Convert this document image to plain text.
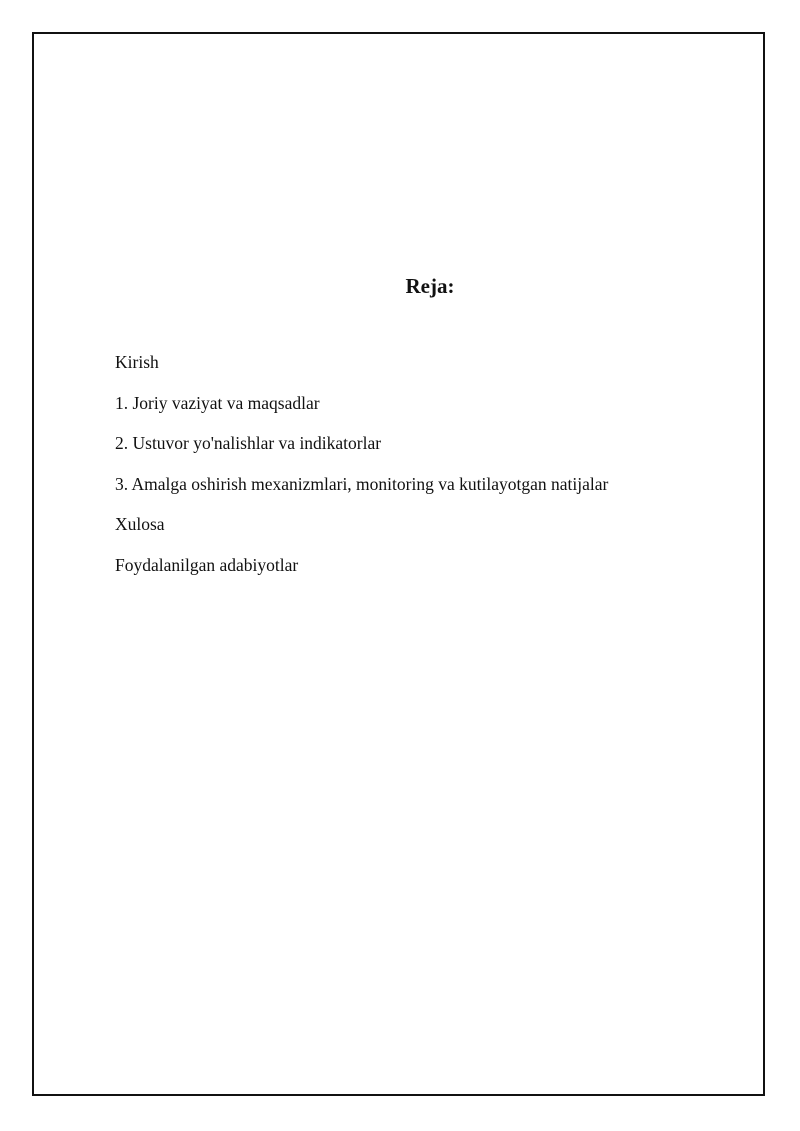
Reja:
Kirish
1. Joriy vaziyat va maqsadlar
2. Ustuvor yo'nalishlar va indikatorlar
3. Amalga oshirish mexanizmlari, monitoring va kutilayotgan natijalar
Xulosa
Foydalanilgan adabiyotlar
